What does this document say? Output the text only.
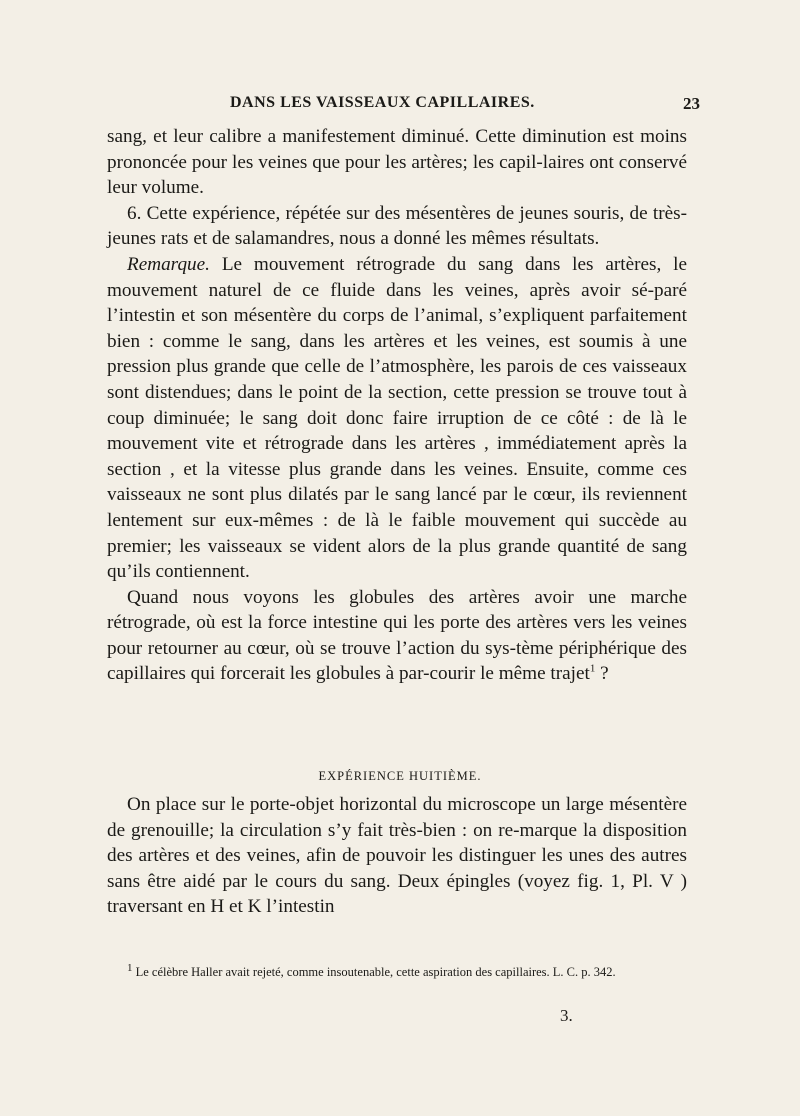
DANS LES VAISSEAUX CAPILLAIRES.	23

sang, et leur calibre a manifestement diminué. Cette diminution est moins prononcée pour les veines que pour les artères; les capil-laires ont conservé leur volume.

6. Cette expérience, répétée sur des mésentères de jeunes souris, de très-jeunes rats et de salamandres, nous a donné les mêmes résultats.

Remarque. Le mouvement rétrograde du sang dans les artères, le mouvement naturel de ce fluide dans les veines, après avoir sé-paré l’intestin et son mésentère du corps de l’animal, s’expliquent parfaitement bien : comme le sang, dans les artères et les veines, est soumis à une pression plus grande que celle de l’atmosphère, les parois de ces vaisseaux sont distendues; dans le point de la section, cette pression se trouve tout à coup diminuée; le sang doit donc faire irruption de ce côté : de là le mouvement vite et rétrograde dans les artères , immédiatement après la section , et la vitesse plus grande dans les veines. Ensuite, comme ces vaisseaux ne sont plus dilatés par le sang lancé par le cœur, ils reviennent lentement sur eux-mêmes : de là le faible mouvement qui succède au premier; les vaisseaux se vident alors de la plus grande quantité de sang qu’ils contiennent.

Quand nous voyons les globules des artères avoir une marche rétrograde, où est la force intestine qui les porte des artères vers les veines pour retourner au cœur, où se trouve l’action du sys-tème périphérique des capillaires qui forcerait les globules à par-courir le même trajet$^1$ ?

EXPÉRIENCE HUITIÈME.

On place sur le porte-objet horizontal du microscope un large mésentère de grenouille; la circulation s’y fait très-bien : on re-marque la disposition des artères et des veines, afin de pouvoir les distinguer les unes des autres sans être aidé par le cours du sang. Deux épingles (voyez fig. 1, Pl. V ) traversant en H et K l’intestin

1 Le célèbre Haller avait rejeté, comme insoutenable, cette aspiration des capillaires. L. C. p. 342.

3.
